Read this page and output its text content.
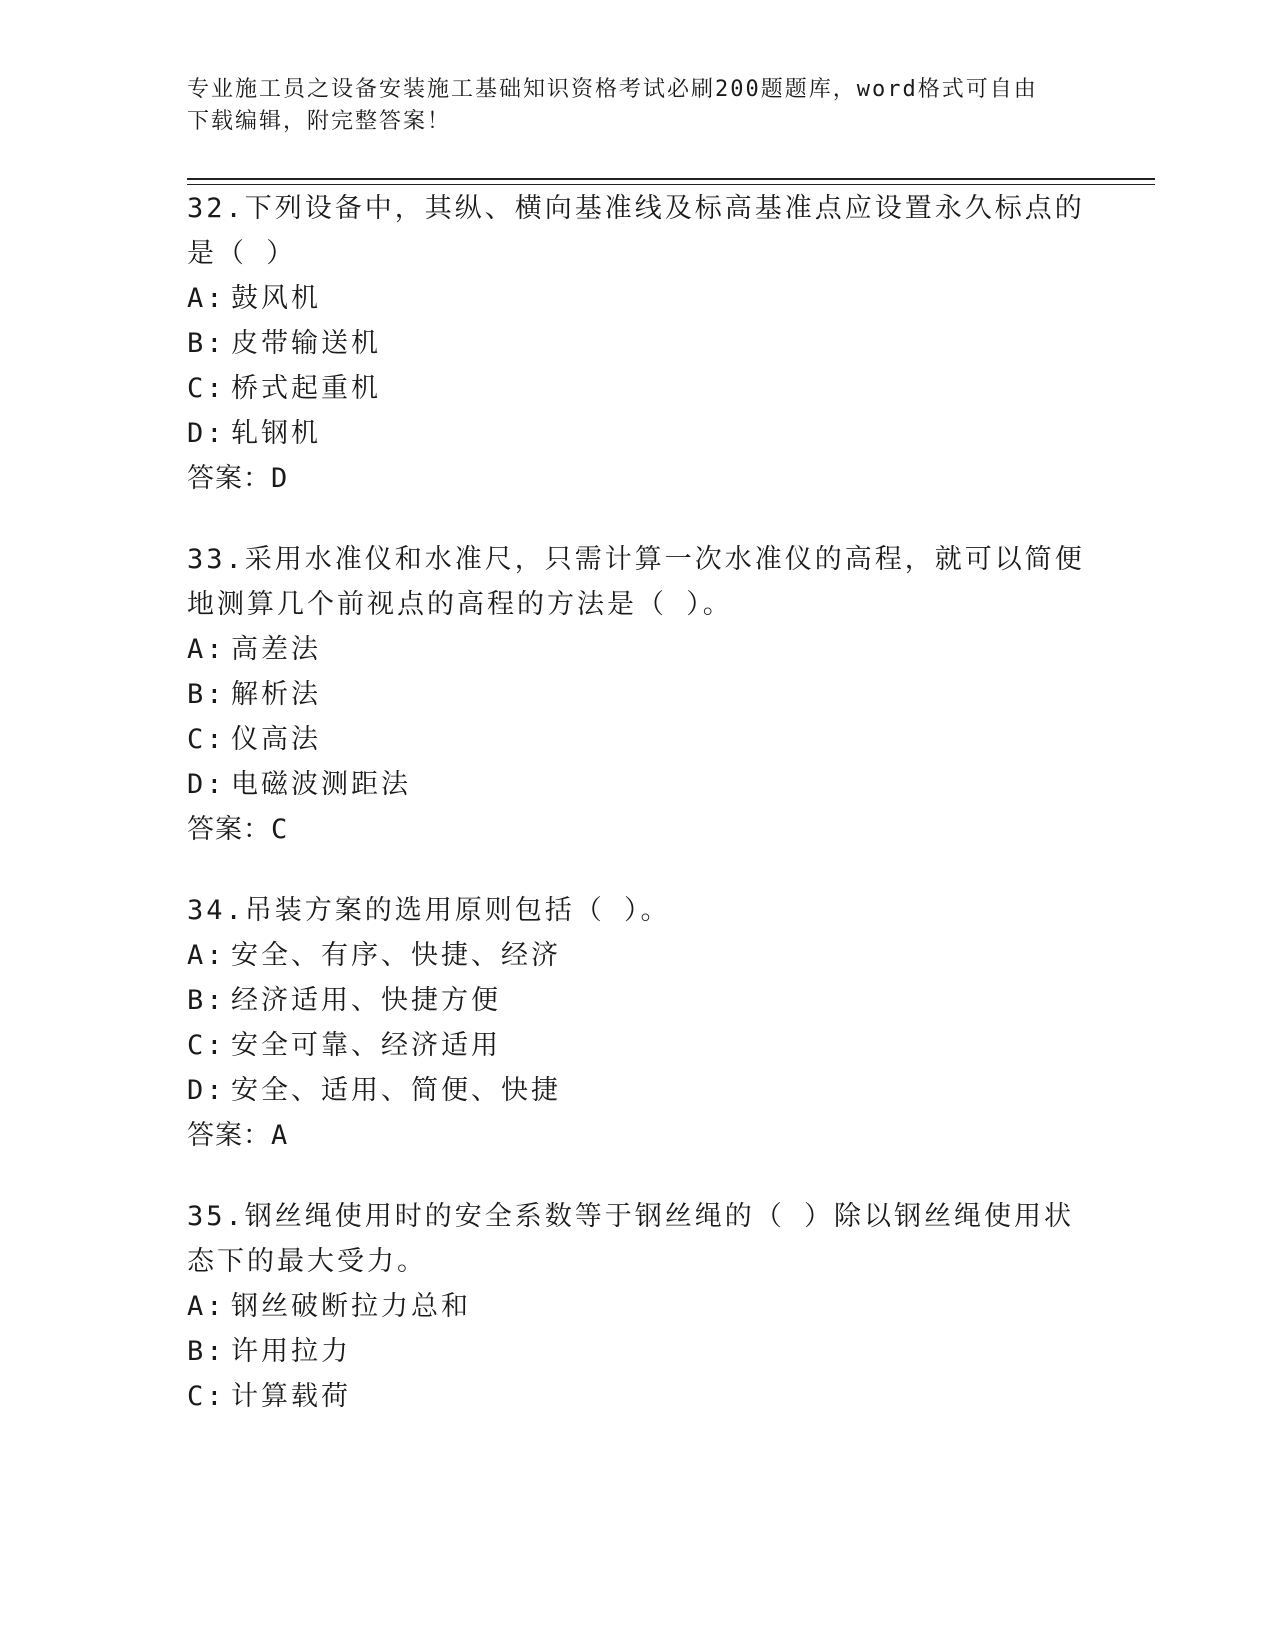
专业施工员之设备安装施工基础知识资格考试必刷200题题库，word格式可自由

下载编辑，附完整答案！

32.下列设备中，其纵、横向基准线及标高基准点应设置永久标点的是（ ）

A: 鼓风机
B: 皮带输送机
C: 桥式起重机
D: 轧钢机
答案：D

33.采用水准仪和水准尺，只需计算一次水准仪的高程，就可以简便地测算几个前视点的高程的方法是（ ）。

A: 高差法
B: 解析法
C: 仪高法
D: 电磁波测距法
答案：C

34.吊装方案的选用原则包括（ ）。

A: 安全、有序、快捷、经济
B: 经济适用、快捷方便
C: 安全可靠、经济适用
D: 安全、适用、简便、快捷
答案：A

35.钢丝绳使用时的安全系数等于钢丝绳的（ ）除以钢丝绳使用状态下的最大受力。

A: 钢丝破断拉力总和
B: 许用拉力
C: 计算载荷
